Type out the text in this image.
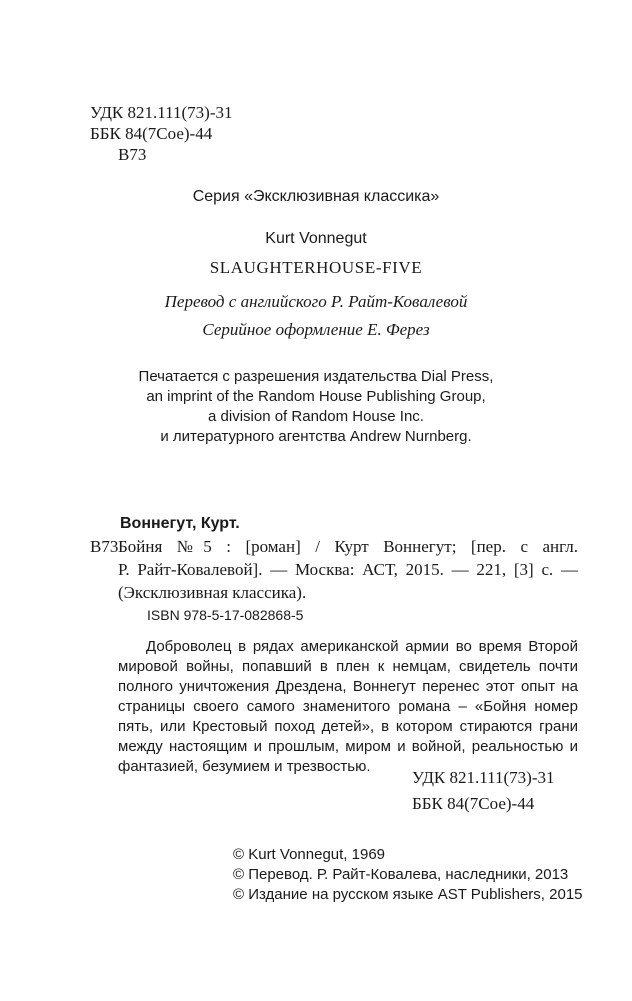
УДК 821.111(73)-31
ББК 84(7Сое)-44
В73
Серия «Эксклюзивная классика»
Kurt Vonnegut
SLAUGHTERHOUSE-FIVE
Перевод с английского Р. Райт-Ковалевой
Серийное оформление Е. Ферез
Печатается с разрешения издательства Dial Press,
an imprint of the Random House Publishing Group,
a division of Random House Inc.
и литературного агентства Andrew Nurnberg.
Воннегут, Курт.
В73 Бойня №5 : [роман] / Курт Воннегут; [пер. с англ.
Р. Райт-Ковалевой]. — Москва: АСТ, 2015. — 221, [3] с. —
(Эксклюзивная классика).
ISBN 978-5-17-082868-5
Доброволец в рядах американской армии во время Второй
мировой войны, попавший в плен к немцам, свидетель почти
полного уничтожения Дрездена, Воннегут перенес этот опыт на
страницы своего самого знаменитого романа – «Бойня номер
пять, или Крестовый поход детей», в котором стираются грани
между настоящим и прошлым, миром и войной, реальностью и
фантазией, безумием и трезвостью.
УДК 821.111(73)-31
ББК 84(7Сое)-44
© Kurt Vonnegut, 1969
© Перевод. Р. Райт-Ковалева, наследники, 2013
© Издание на русском языке AST Publishers, 2015
